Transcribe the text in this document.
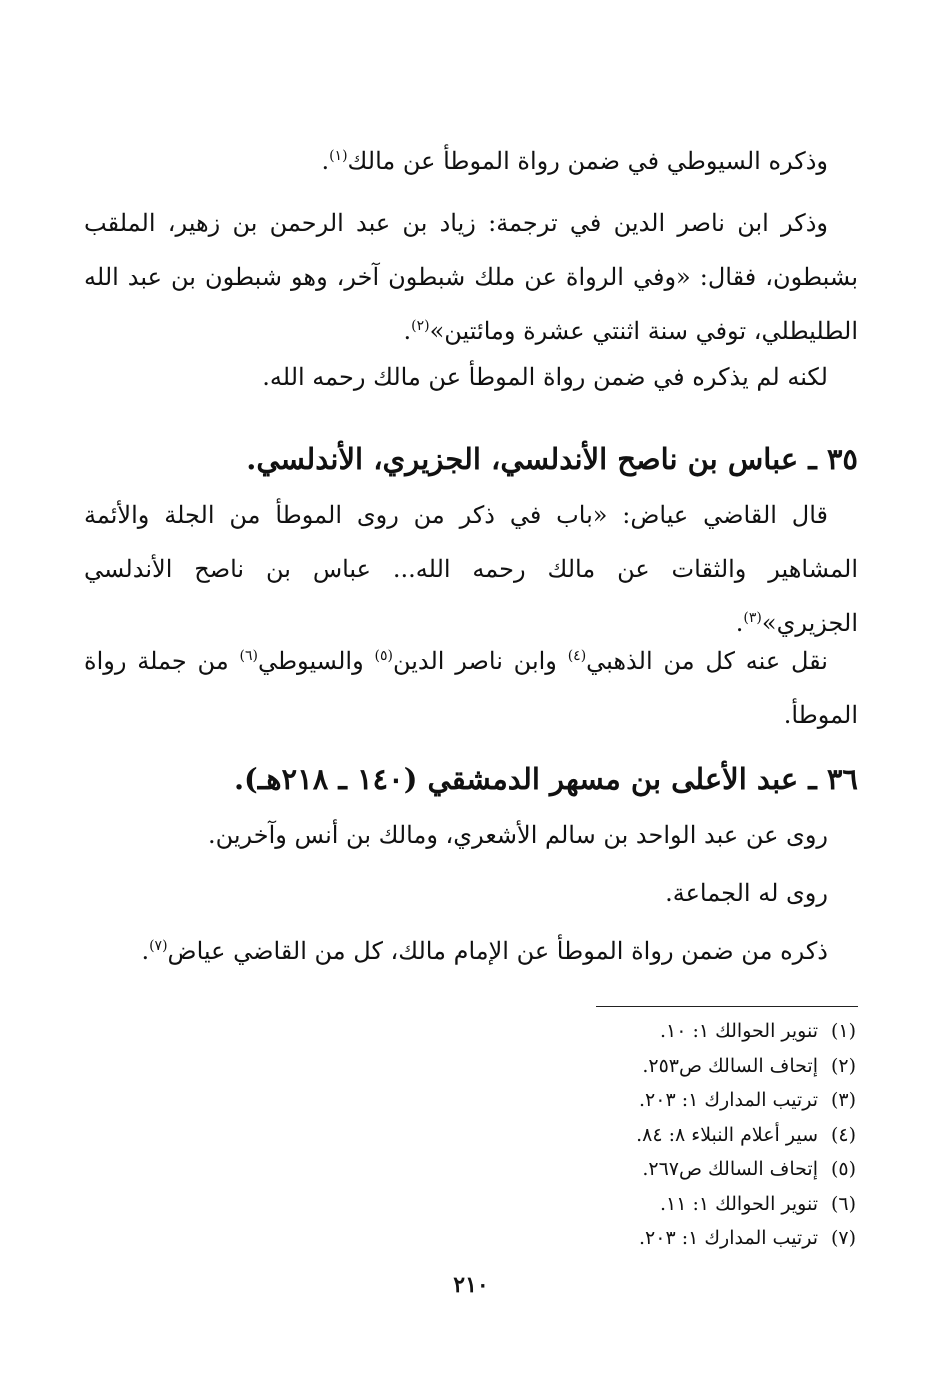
وذكره السيوطي في ضمن رواة الموطأ عن مالك$^{(١)}$.

وذكر ابن ناصر الدين في ترجمة: زياد بن عبد الرحمن بن زهير، الملقب بشبطون، فقال: «وفي الرواة عن ملك شبطون آخر، وهو شبطون بن عبد الله الطليطلي، توفي سنة اثنتي عشرة ومائتين»$^{(٢)}$.

لكنه لم يذكره في ضمن رواة الموطأ عن مالك رحمه الله.

٣٥ ـ عباس بن ناصح الأندلسي، الجزيري، الأندلسي.

قال القاضي عياض: «باب في ذكر من روى الموطأ من الجلة والأئمة المشاهير والثقات عن مالك رحمه الله... عباس بن ناصح الأندلسي الجزيري»$^{(٣)}$.

نقل عنه كل من الذهبي$^{(٤)}$ وابن ناصر الدين$^{(٥)}$ والسيوطي$^{(٦)}$ من جملة رواة الموطأ.

٣٦ ـ عبد الأعلى بن مسهر الدمشقي (١٤٠ ـ ٢١٨هـ).

روى عن عبد الواحد بن سالم الأشعري، ومالك بن أنس وآخرين.

روى له الجماعة.

ذكره من ضمن رواة الموطأ عن الإمام مالك، كل من القاضي عياض$^{(٧)}$.

(١)تنوير الحوالك ١: ١٠.
(٢)إتحاف السالك ص٢٥٣.
(٣)ترتيب المدارك ١: ٢٠٣.
(٤)سير أعلام النبلاء ٨: ٨٤.
(٥)إتحاف السالك ص٢٦٧.
(٦)تنوير الحوالك ١: ١١.
(٧)ترتيب المدارك ١: ٢٠٣.
٢١٠
